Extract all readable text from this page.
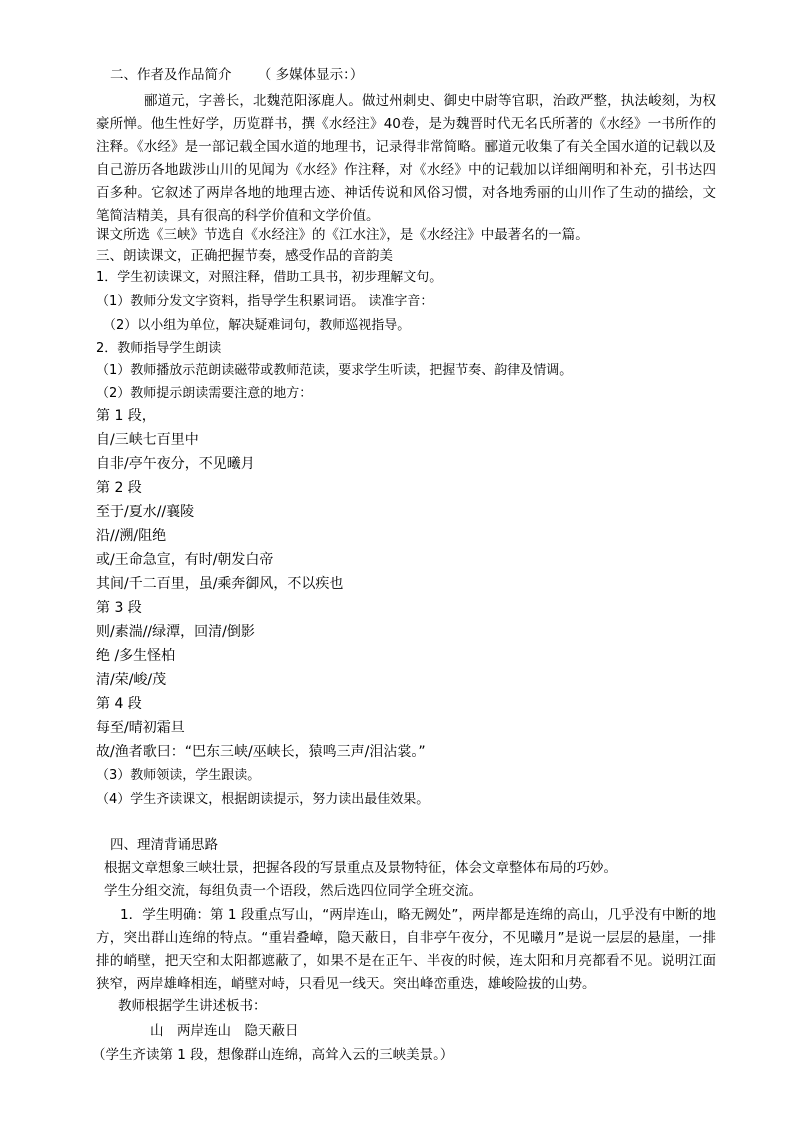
二、作者及作品简介 （ 多媒体显示：）
郦道元，字善长，北魏范阳涿鹿人。做过州刺史、御史中尉等官职，治政严整，执法峻刻，为权豪所惮。他生性好学，历览群书，撰《水经注》40卷，是为魏晋时代无名氏所著的《水经》一书所作的注释。《水经》是一部记载全国水道的地理书，记录得非常简略。郦道元收集了有关全国水道的记载以及自己游历各地跋涉山川的见闻为《水经》作注释，对《水经》中的记载加以详细阐明和补充，引书达四百多种。它叙述了两岸各地的地理古迹、神话传说和风俗习惯，对各地秀丽的山川作了生动的描绘，文笔简洁精美，具有很高的科学价值和文学价值。
课文所选《三峡》节选自《水经注》的《江水注》，是《水经注》中最著名的一篇。
三、朗读课文，正确把握节奏，感受作品的音韵美
1．学生初读课文，对照注释，借助工具书，初步理解文句。
（1）教师分发文字资料，指导学生积累词语。 读准字音：
（2）以小组为单位，解决疑难词句，教师巡视指导。
2．教师指导学生朗读
（1）教师播放示范朗读磁带或教师范读，要求学生听读，把握节奏、韵律及情调。
（2）教师提示朗读需要注意的地方：
第 1 段，
自/三峡七百里中
自非/亭午夜分，不见曦月
第 2 段
至于/夏水//襄陵
沿//溯/阻绝
或/王命急宣，有时/朝发白帝
其间/千二百里，虽/乘奔御风，不以疾也
第 3 段
则/素湍//绿潭，回清/倒影
绝 /多生怪柏
清/荣/峻/茂
第 4 段
每至/晴初霜旦
故/渔者歌曰：“巴东三峡/巫峡长，猿鸣三声/泪沾裳。”
（3）教师领读，学生跟读。
（4）学生齐读课文，根据朗读提示，努力读出最佳效果。
四、理清背诵思路
根据文章想象三峡壮景，把握各段的写景重点及景物特征，体会文章整体布局的巧妙。
学生分组交流，每组负责一个语段，然后选四位同学全班交流。
1．学生明确：第 1 段重点写山，“两岸连山，略无阙处”，两岸都是连绵的高山，几乎没有中断的地方，突出群山连绵的特点。“重岩叠嶂，隐天蔽日，自非亭午夜分，不见曦月”是说一层层的悬崖，一排排的峭壁，把天空和太阳都遮蔽了，如果不是在正午、半夜的时候，连太阳和月亮都看不见。说明江面狭窄，两岸雄峰相连，峭壁对峙，只看见一线天。突出峰峦重迭，雄峻险拔的山势。
教师根据学生讲述板书：
山　两岸连山　隐天蔽日
（学生齐读第 1 段，想像群山连绵，高耸入云的三峡美景。）
